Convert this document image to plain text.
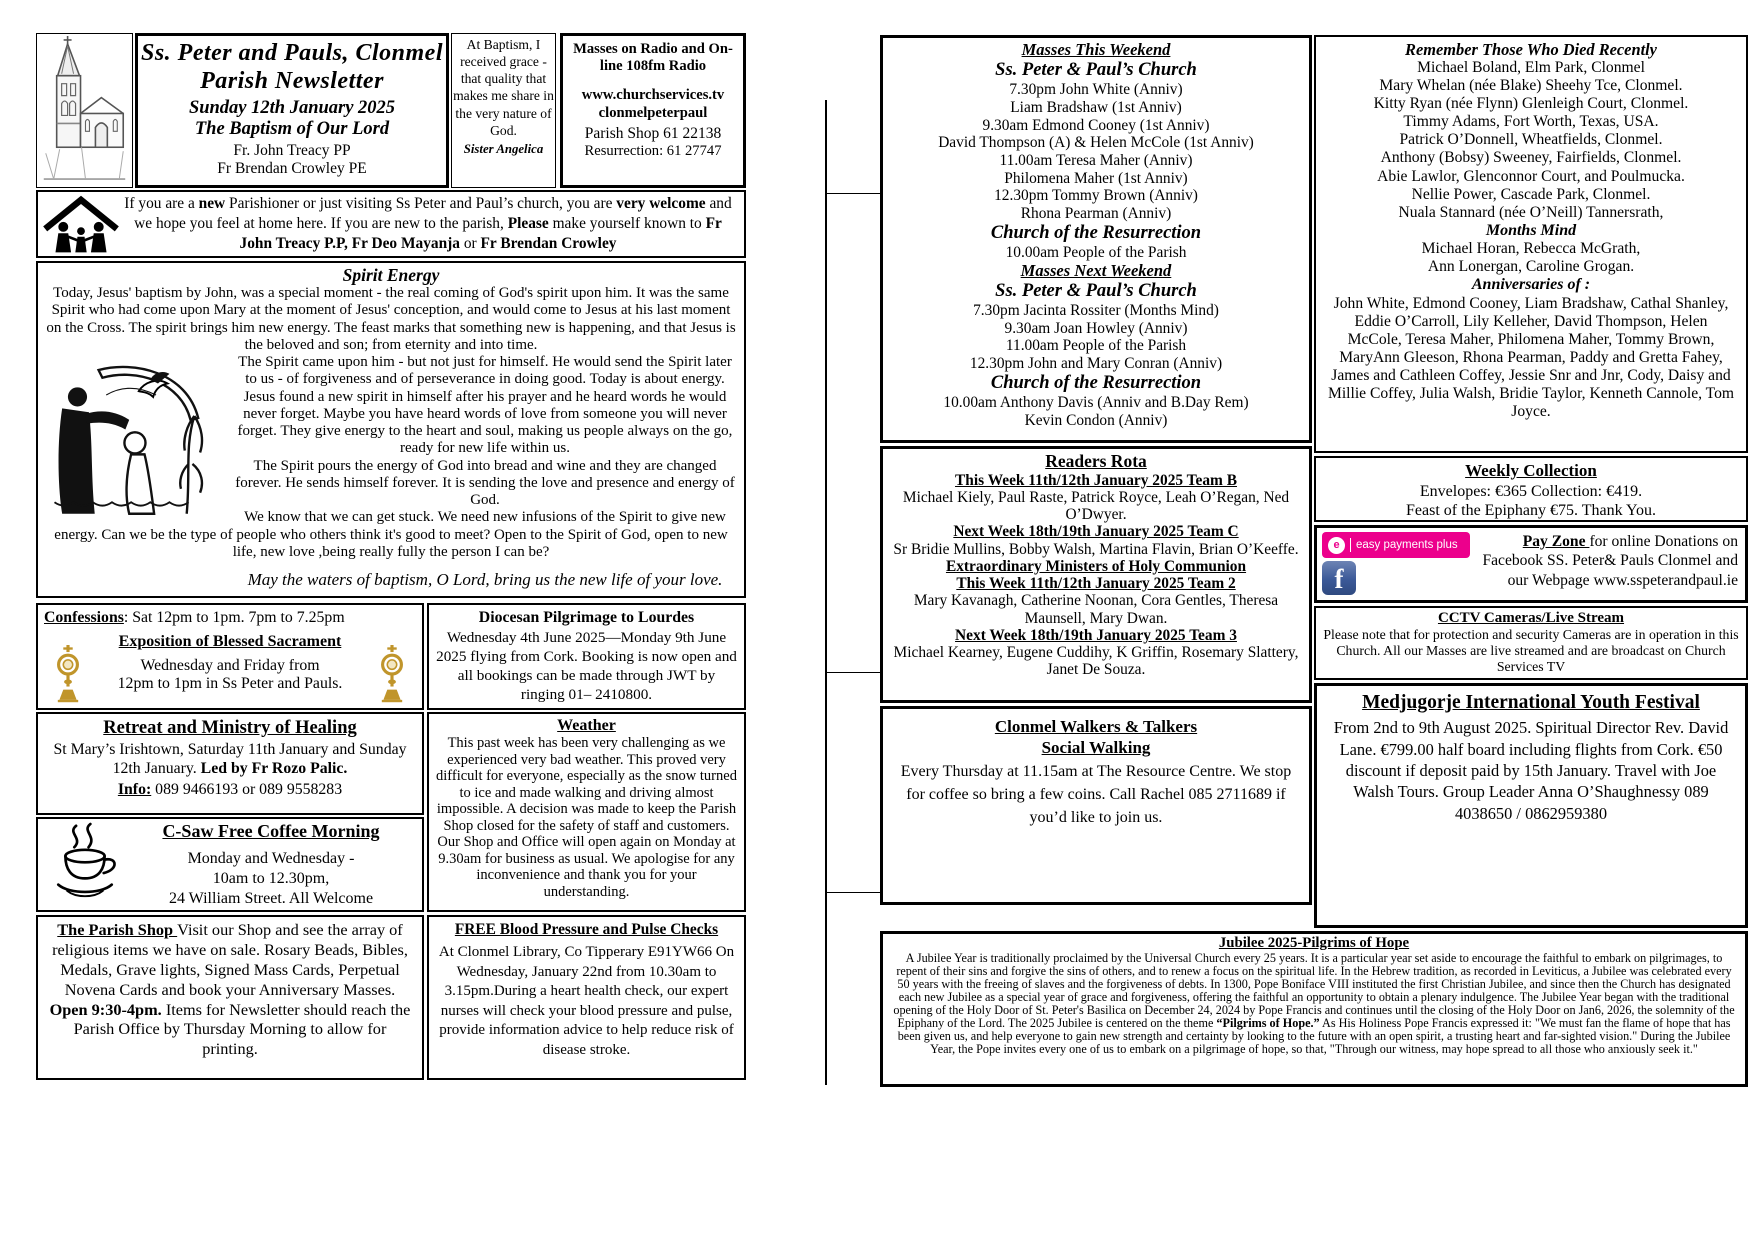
Ss. Peter and Pauls, Clonmel
Parish Newsletter
Sunday 12th January 2025
The Baptism of Our Lord
Fr. John Treacy PP
Fr Brendan Crowley PE
At Baptism, I received grace -that quality that makes me share in the very nature of God.
Sister Angelica
Masses on Radio and On-line 108fm Radio
www.churchservices.tv
clonmelpeterpaul
Parish Shop 61 22138
Resurrection: 61 27747
If you are a new Parishioner or just visiting Ss Peter and Paul’s church, you are very welcome and we hope you feel at home here. If you are new to the parish, Please make yourself known to Fr John Treacy P.P, Fr Deo Mayanja or Fr Brendan Crowley
Spirit Energy

Today, Jesus' baptism by John, was a special moment - the real coming of God's spirit upon him. It was the same Spirit who had come upon Mary at the moment of Jesus' conception, and would come to Jesus at his last moment on the Cross. The spirit brings him new energy. The feast marks that something new is happening, and that Jesus is the beloved and son; from eternity and into time.

The Spirit came upon him - but not just for himself. He would send the Spirit later to us - of forgiveness and of perseverance in doing good. Today is about energy. Jesus found a new spirit in himself after his prayer and he heard words he would never forget. Maybe you have heard words of love from someone you will never forget. They give energy to the heart and soul, making us people always on the go, ready for new life within us.

The Spirit pours the energy of God into bread and wine and they are changed forever. He sends himself forever. It is sending the love and presence and energy of God.

We know that we can get stuck. We need new infusions of the Spirit to give new energy. Can we be the type of people who others think it's good to meet? Open to the Spirit of God, open to new life, new love ,being really fully the person I can be?

May the waters of baptism, O Lord, bring us the new life of your love.
Confessions: Sat 12pm to 1pm. 7pm to 7.25pm
Exposition of Blessed Sacrament
Wednesday and Friday from
12pm to 1pm in Ss Peter and Pauls.
Diocesan Pilgrimage to Lourdes
Wednesday 4th June 2025—Monday 9th June 2025 flying from Cork. Booking is now open and all bookings can be made through JWT by ringing 01– 2410800.
Retreat and Ministry of Healing
St Mary’s Irishtown, Saturday 11th January and Sunday 12th January. Led by Fr Rozo Palic.
Info: 089 9466193 or 089 9558283
Weather
This past week has been very challenging as we experienced very bad weather. This proved very difficult for everyone, especially as the snow turned to ice and made walking and driving almost impossible. A decision was made to keep the Parish Shop closed for the safety of staff and customers. Our Shop and Office will open again on Monday at 9.30am for business as usual. We apologise for any inconvenience and thank you for your understanding.
C-Saw Free Coffee Morning
Monday and Wednesday -
10am to 12.30pm,
24 William Street. All Welcome
The Parish Shop Visit our Shop and see the array of religious items we have on sale. Rosary Beads, Bibles, Medals, Grave lights, Signed Mass Cards, Perpetual Novena Cards and book your Anniversary Masses. Open 9:30-4pm. Items for Newsletter should reach the Parish Office by Thursday Morning to allow for printing.
FREE Blood Pressure and Pulse Checks
At Clonmel Library, Co Tipperary E91YW66 On Wednesday, January 22nd from 10.30am to 3.15pm.During a heart health check, our expert nurses will check your blood pressure and pulse, provide information advice to help reduce risk of disease stroke.
Masses This Weekend
Ss. Peter & Paul’s Church
7.30pm John White (Anniv)
Liam Bradshaw (1st Anniv)
9.30am Edmond Cooney (1st Anniv)
David Thompson (A) & Helen McCole (1st Anniv)
11.00am Teresa Maher (Anniv)
Philomena Maher (1st Anniv)
12.30pm Tommy Brown (Anniv)
Rhona Pearman (Anniv)
Church of the Resurrection
10.00am People of the Parish
Masses Next Weekend
Ss. Peter & Paul’s Church
7.30pm Jacinta Rossiter (Months Mind)
9.30am Joan Howley (Anniv)
11.00am People of the Parish
12.30pm John and Mary Conran (Anniv)
Church of the Resurrection
10.00am Anthony Davis (Anniv and B.Day Rem)
Kevin Condon (Anniv)
Readers Rota
This Week 11th/12th January 2025 Team B
Michael Kiely, Paul Raste, Patrick Royce, Leah O’Regan, Ned O’Dwyer.
Next Week 18th/19th January 2025 Team C
Sr Bridie Mullins, Bobby Walsh, Martina Flavin, Brian O’Keeffe.
Extraordinary Ministers of Holy Communion
This Week 11th/12th January 2025 Team 2
Mary Kavanagh, Catherine Noonan, Cora Gentles, Theresa Maunsell, Mary Dwan.
Next Week 18th/19th January 2025 Team 3
Michael Kearney, Eugene Cuddihy, K Griffin, Rosemary Slattery, Janet De Souza.
Clonmel Walkers & Talkers
Social Walking
Every Thursday at 11.15am at The Resource Centre. We stop for coffee so bring a few coins. Call Rachel 085 2711689 if you’d like to join us.
Remember Those Who Died Recently
Michael Boland, Elm Park, Clonmel
Mary Whelan (née Blake) Sheehy Tce, Clonmel.
Kitty Ryan (née Flynn) Glenleigh Court, Clonmel.
Timmy Adams, Fort Worth, Texas, USA.
Patrick O’Donnell, Wheatfields, Clonmel.
Anthony (Bobsy) Sweeney, Fairfields, Clonmel.
Abie Lawlor, Glenconnor Court, and Poulmucka.
Nellie Power, Cascade Park, Clonmel.
Nuala Stannard (née O’Neill) Tannersrath,
Months Mind
Michael Horan, Rebecca McGrath,
Ann Lonergan, Caroline Grogan.
Anniversaries of :
John White, Edmond Cooney, Liam Bradshaw, Cathal Shanley, Eddie O’Carroll, Lily Kelleher, David Thompson, Helen McCole, Teresa Maher, Philomena Maher, Tommy Brown, MaryAnn Gleeson, Rhona Pearman, Paddy and Gretta Fahey, James and Cathleen Coffey, Jessie Snr and Jnr, Cody, Daisy and Millie Coffey, Julia Walsh, Bridie Taylor, Kenneth Cannole, Tom Joyce.
Weekly Collection
Envelopes: €365 Collection: €419.
Feast of the Epiphany €75. Thank You.
e	easy payments plus
f
Pay Zone for online Donations on Facebook SS. Peter& Pauls Clonmel and our Webpage www.sspeterandpaul.ie
CCTV Cameras/Live Stream
Please note that for protection and security Cameras are in operation in this Church. All our Masses are live streamed and are broadcast on Church Services TV
Medjugorje International Youth Festival
From 2nd to 9th August 2025. Spiritual Director Rev. David Lane. €799.00 half board including flights from Cork. €50 discount if deposit paid by 15th January. Travel with Joe Walsh Tours. Group Leader Anna O’Shaughnessy 089 4038650 / 0862959380
Jubilee 2025-Pilgrims of Hope
A Jubilee Year is traditionally proclaimed by the Universal Church every 25 years. It is a particular year set aside to encourage the faithful to embark on pilgrimages, to repent of their sins and forgive the sins of others, and to renew a focus on the spiritual life. In the Hebrew tradition, as recorded in Leviticus, a Jubilee was celebrated every 50 years with the freeing of slaves and the forgiveness of debts. In 1300, Pope Boniface VIII instituted the first Christian Jubilee, and since then the Church has designated each new Jubilee as a special year of grace and forgiveness, offering the faithful an opportunity to obtain a plenary indulgence. The Jubilee Year began with the traditional opening of the Holy Door of St. Peter's Basilica on December 24, 2024 by Pope Francis and continues until the closing of the Holy Door on Jan6, 2026, the solemnity of the Epiphany of the Lord. The 2025 Jubilee is centered on the theme “Pilgrims of Hope.” As His Holiness Pope Francis expressed it: "We must fan the flame of hope that has been given us, and help everyone to gain new strength and certainty by looking to the future with an open spirit, a trusting heart and far-sighted vision." During the Jubilee Year, the Pope invites every one of us to embark on a pilgrimage of hope, so that, "Through our witness, may hope spread to all those who anxiously seek it."
